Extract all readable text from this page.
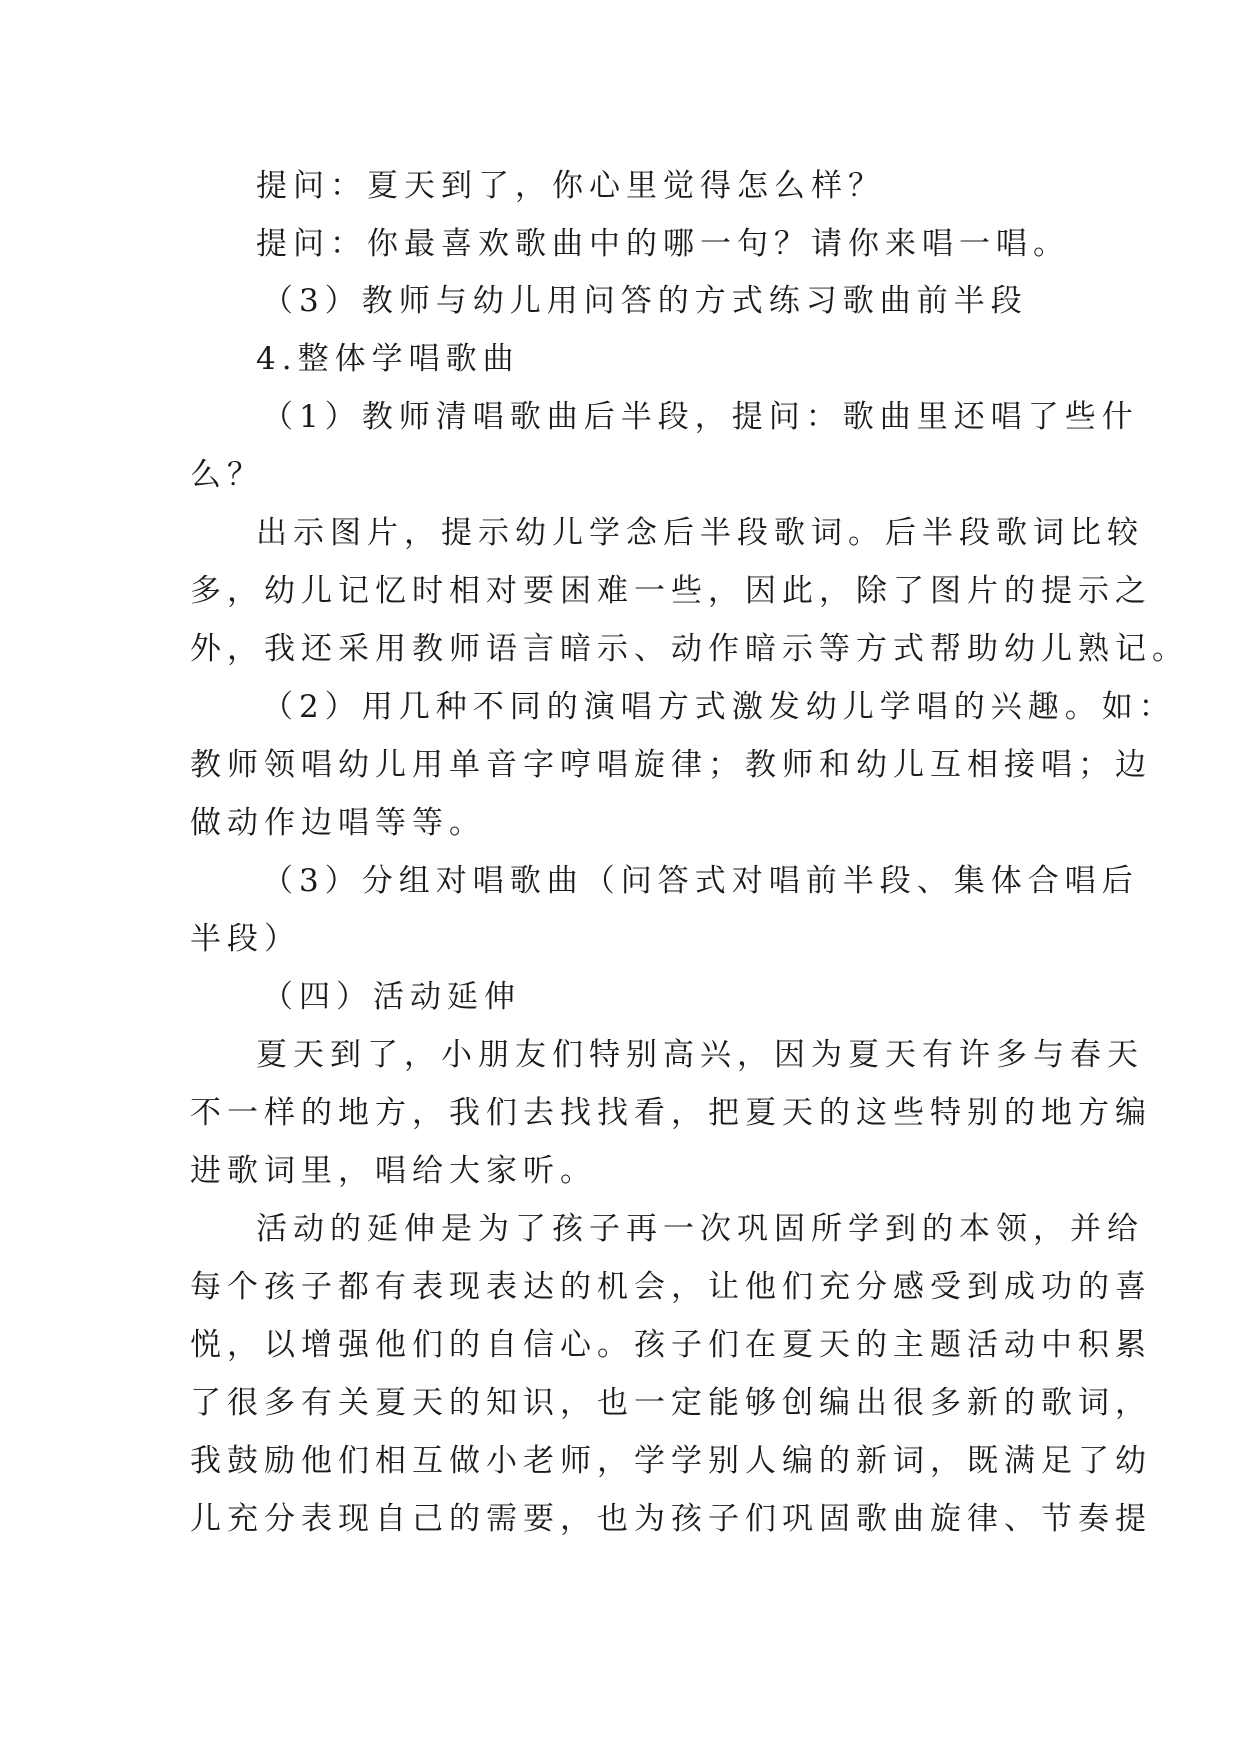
提问：夏天到了，你心里觉得怎么样？
提问：你最喜欢歌曲中的哪一句？请你来唱一唱。
（3）教师与幼儿用问答的方式练习歌曲前半段
4.整体学唱歌曲
（1）教师清唱歌曲后半段，提问：歌曲里还唱了些什
么？
出示图片，提示幼儿学念后半段歌词。后半段歌词比较
多，幼儿记忆时相对要困难一些，因此，除了图片的提示之
外，我还采用教师语言暗示、动作暗示等方式帮助幼儿熟记。
（2）用几种不同的演唱方式激发幼儿学唱的兴趣。如：
教师领唱幼儿用单音字哼唱旋律；教师和幼儿互相接唱；边
做动作边唱等等。
（3）分组对唱歌曲（问答式对唱前半段、集体合唱后
半段）
（四）活动延伸
夏天到了，小朋友们特别高兴，因为夏天有许多与春天
不一样的地方，我们去找找看，把夏天的这些特别的地方编
进歌词里，唱给大家听。
活动的延伸是为了孩子再一次巩固所学到的本领，并给
每个孩子都有表现表达的机会，让他们充分感受到成功的喜
悦，以增强他们的自信心。孩子们在夏天的主题活动中积累
了很多有关夏天的知识，也一定能够创编出很多新的歌词，
我鼓励他们相互做小老师，学学别人编的新词，既满足了幼
儿充分表现自己的需要，也为孩子们巩固歌曲旋律、节奏提
